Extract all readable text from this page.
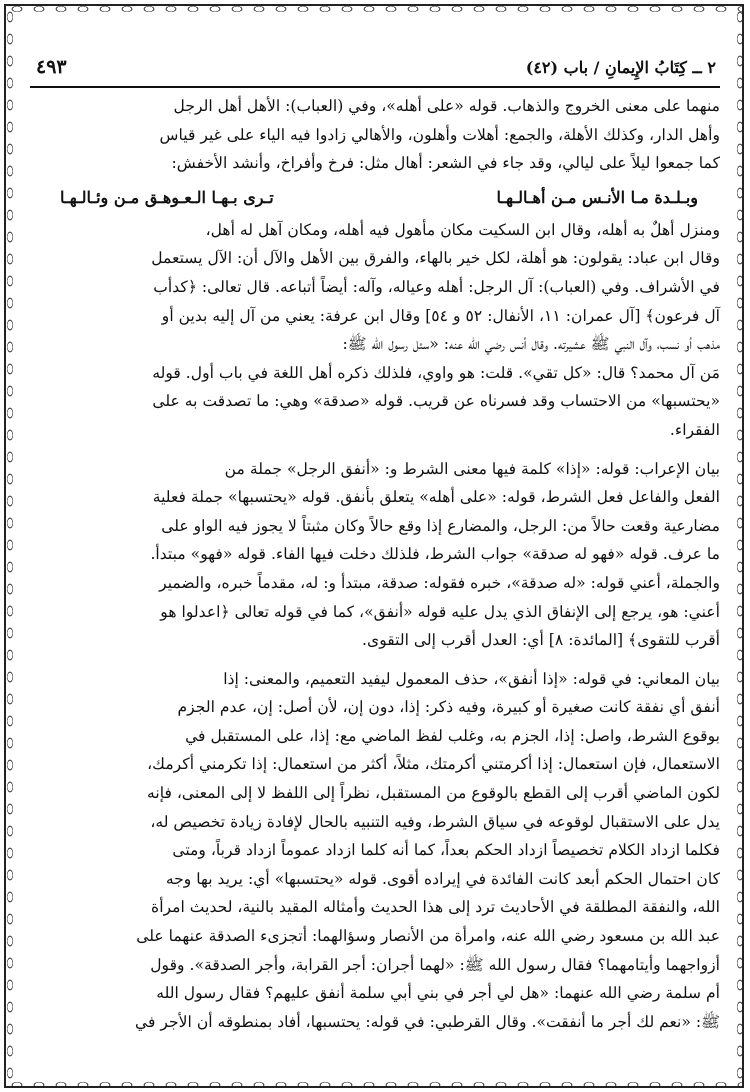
٢ ــ كِتَابُ الإِيمانِ / باب (٤٢)
٤٩٣

منهما على معنى الخروج والذهاب. قوله «على أهله»، وفي (العباب): الأهل أهل الرجل

وأهل الدار، وكذلك الأهلة، والجمع: أهلات وأهلون، والأهالي زادوا فيه الياء على غير قياس

كما جمعوا ليلاً على ليالي، وقد جاء في الشعر: أهال مثل: فرخ وأفراخ، وأنشد الأخفش:

وبـلـدة مـا الأنـس مـن أهـالـهـا
تـرى بـهـا الـعـوهـق مـن وئـالـهـا

ومنزل أهلٌ به أهله، وقال ابن السكيت مكان مأهول فيه أهله، ومكان آهل له أهل،

وقال ابن عباد: يقولون: هو أهلة، لكل خير بالهاء، والفرق بين الأهل والآل أن: الآل يستعمل

في الأشراف. وفي (العباب): آل الرجل: أهله وعياله، وآله: أيضاً أتباعه. قال تعالى: ﴿كدأب

آل فرعون﴾ [آل عمران: ١١، الأنفال: ٥٢ و ٥٤] وقال ابن عرفة: يعني من آل إليه بدين أو

مذهب أو نسب، وآل النبي ﷺ عشيرته. وقال أنس رضي الله عنه: «سئل رسول الله ﷺ:

مَن آل محمد؟ قال: «كل تقي». قلت: هو واوي، فلذلك ذكره أهل اللغة في باب أول. قوله

«يحتسبها» من الاحتساب وقد فسرناه عن قريب. قوله «صدقة» وهي: ما تصدقت به على

الفقراء.

بيان الإعراب: قوله: «إذا» كلمة فيها معنى الشرط و: «أنفق الرجل» جملة من

الفعل والفاعل فعل الشرط، قوله: «على أهله» يتعلق بأنفق. قوله «يحتسبها» جملة فعلية

مضارعية وقعت حالاً من: الرجل، والمضارع إذا وقع حالاً وكان مثبتاً لا يجوز فيه الواو على

ما عرف. قوله «فهو له صدقة» جواب الشرط، فلذلك دخلت فيها الفاء. قوله «فهو» مبتدأ.

والجملة، أعني قوله: «له صدقة»، خبره فقوله: صدقة، مبتدأ و: له، مقدماً خبره، والضمير

أعني: هو، يرجع إلى الإنفاق الذي يدل عليه قوله «أنفق»، كما في قوله تعالى ﴿اعدلوا هو

أقرب للتقوى﴾ [المائدة: ٨] أي: العدل أقرب إلى التقوى.

بيان المعاني: في قوله: «إذا أنفق»، حذف المعمول ليفيد التعميم، والمعنى: إذا

أنفق أي نفقة كانت صغيرة أو كبيرة، وفيه ذكر: إذا، دون إن، لأن أصل: إن، عدم الجزم

بوقوع الشرط، واصل: إذا، الجزم به، وغلب لفظ الماضي مع: إذا، على المستقبل في

الاستعمال، فإن استعمال: إذا أكرمتني أكرمتك، مثلاً، أكثر من استعمال: إذا تكرمني أكرمك،

لكون الماضي أقرب إلى القطع بالوقوع من المستقبل، نظراً إلى اللفظ لا إلى المعنى، فإنه

يدل على الاستقبال لوقوعه في سياق الشرط، وفيه التنبيه بالحال لإفادة زيادة تخصيص له،

فكلما ازداد الكلام تخصيصاً ازداد الحكم بعداً، كما أنه كلما ازداد عموماً ازداد قرباً، ومتى

كان احتمال الحكم أبعد كانت الفائدة في إيراده أقوى. قوله «يحتسبها» أي: يريد بها وجه

الله، والنفقة المطلقة في الأحاديث ترد إلى هذا الحديث وأمثاله المقيد بالنية، لحديث امرأة

عبد الله بن مسعود رضي الله عنه، وامرأة من الأنصار وسؤالهما: أتجزىء الصدقة عنهما على

أزواجهما وأيتامهما؟ فقال رسول الله ﷺ: «لهما أجران: أجر القرابة، وأجر الصدقة». وقول

أم سلمة رضي الله عنهما: «هل لي أجر في بني أبي سلمة أنفق عليهم؟ فقال رسول الله

ﷺ: «نعم لك أجر ما أنفقت». وقال القرطبي: في قوله: يحتسبها، أفاد بمنطوقه أن الأجر في
